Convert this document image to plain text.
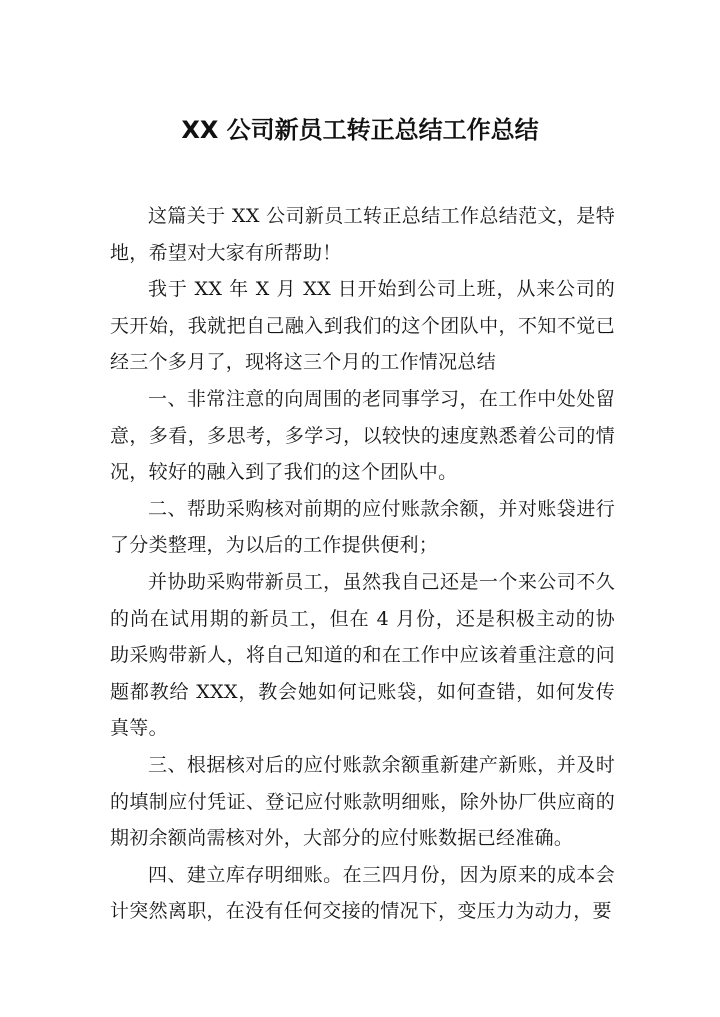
XX 公司新员工转正总结工作总结

这篇关于 XX 公司新员工转正总结工作总结范文，是特地，希望对大家有所帮助！

我于 XX 年 X 月 XX 日开始到公司上班，从来公司的天开始，我就把自己融入到我们的这个团队中，不知不觉已经三个多月了，现将这三个月的工作情况总结

一、非常注意的向周围的老同事学习，在工作中处处留意，多看，多思考，多学习，以较快的速度熟悉着公司的情况，较好的融入到了我们的这个团队中。

二、帮助采购核对前期的应付账款余额，并对账袋进行了分类整理，为以后的工作提供便利；

并协助采购带新员工，虽然我自己还是一个来公司不久的尚在试用期的新员工，但在 4 月份，还是积极主动的协助采购带新人，将自己知道的和在工作中应该着重注意的问题都教给 XXX，教会她如何记账袋，如何查错，如何发传真等。

三、根据核对后的应付账款余额重新建产新账，并及时的填制应付凭证、登记应付账款明细账，除外协厂供应商的期初余额尚需核对外，大部分的应付账数据已经准确。

四、建立库存明细账。在三四月份，因为原来的成本会计突然离职，在没有任何交接的情况下，变压力为动力，要
